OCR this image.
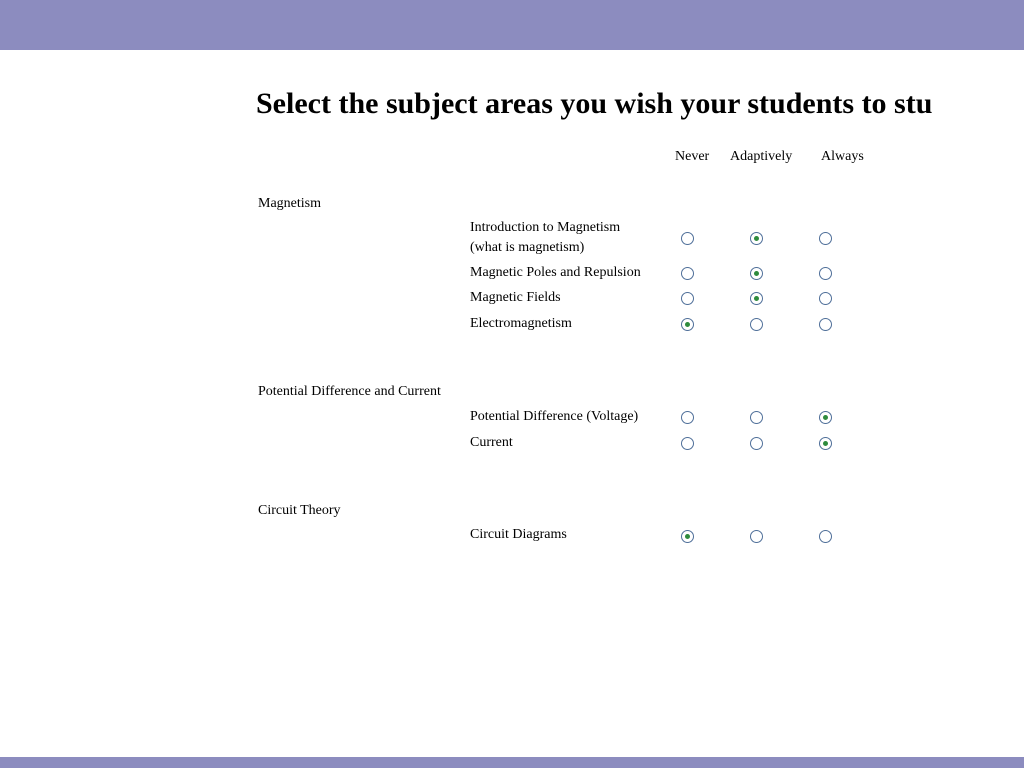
Select the subject areas you wish your students to stu
Never Adaptively Always
Magnetism
Introduction to Magnetism
(what is magnetism)
Magnetic Poles and Repulsion
Magnetic Fields
Electromagnetism
Potential Difference and Current
Potential Difference (Voltage)
Current
Circuit Theory
Circuit Diagrams
